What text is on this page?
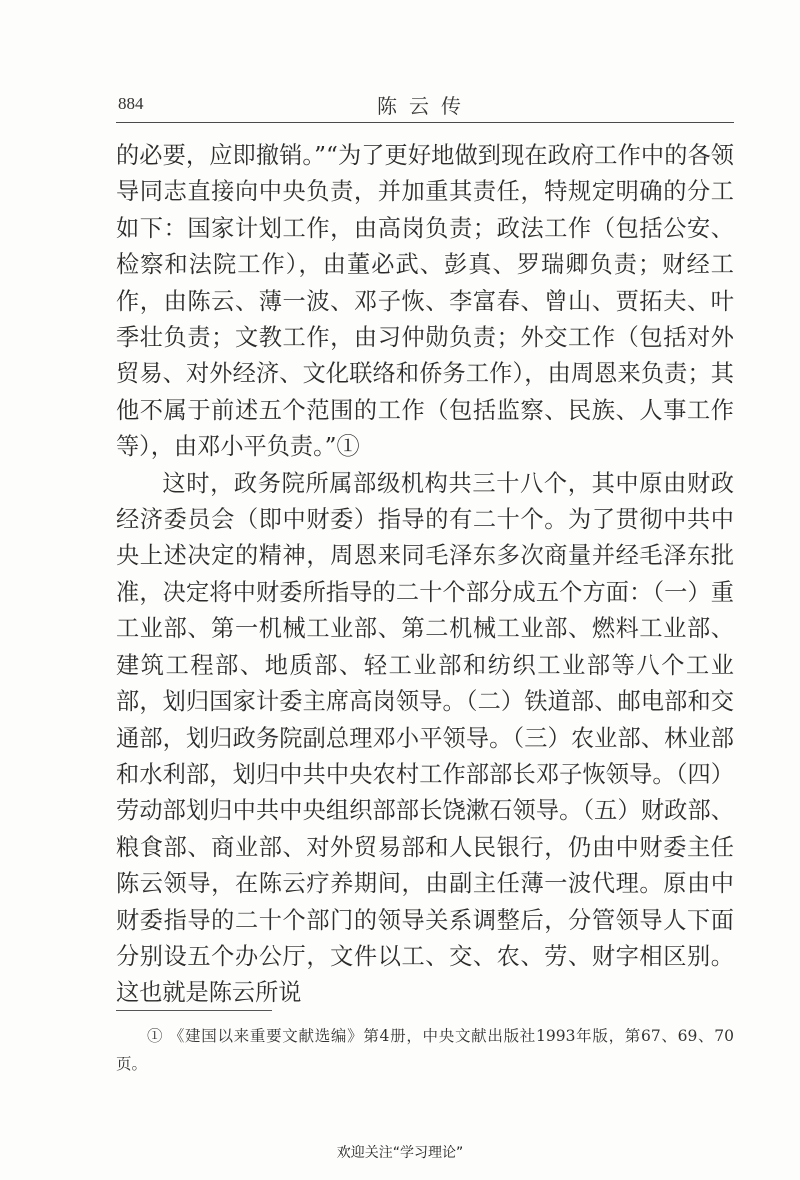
884	陈云传

的必要，应即撤销。”“为了更好地做到现在政府工作中的各领导同志直接向中央负责，并加重其责任，特规定明确的分工如下：国家计划工作，由高岗负责；政法工作（包括公安、检察和法院工作），由董必武、彭真、罗瑞卿负责；财经工作，由陈云、薄一波、邓子恢、李富春、曾山、贾拓夫、叶季壮负责；文教工作，由习仲勋负责；外交工作（包括对外贸易、对外经济、文化联络和侨务工作），由周恩来负责；其他不属于前述五个范围的工作（包括监察、民族、人事工作等），由邓小平负责。”①

这时，政务院所属部级机构共三十八个，其中原由财政经济委员会（即中财委）指导的有二十个。为了贯彻中共中央上述决定的精神，周恩来同毛泽东多次商量并经毛泽东批准，决定将中财委所指导的二十个部分成五个方面：（一）重工业部、第一机械工业部、第二机械工业部、燃料工业部、建筑工程部、地质部、轻工业部和纺织工业部等八个工业部，划归国家计委主席高岗领导。（二）铁道部、邮电部和交通部，划归政务院副总理邓小平领导。（三）农业部、林业部和水利部，划归中共中央农村工作部部长邓子恢领导。（四）劳动部划归中共中央组织部部长饶漱石领导。（五）财政部、粮食部、商业部、对外贸易部和人民银行，仍由中财委主任陈云领导，在陈云疗养期间，由副主任薄一波代理。原由中财委指导的二十个部门的领导关系调整后，分管领导人下面分别设五个办公厅，文件以工、交、农、劳、财字相区别。这也就是陈云所说

① 《建国以来重要文献选编》第4册，中央文献出版社1993年版，第67、69、70页。
欢迎关注“学习理论”
